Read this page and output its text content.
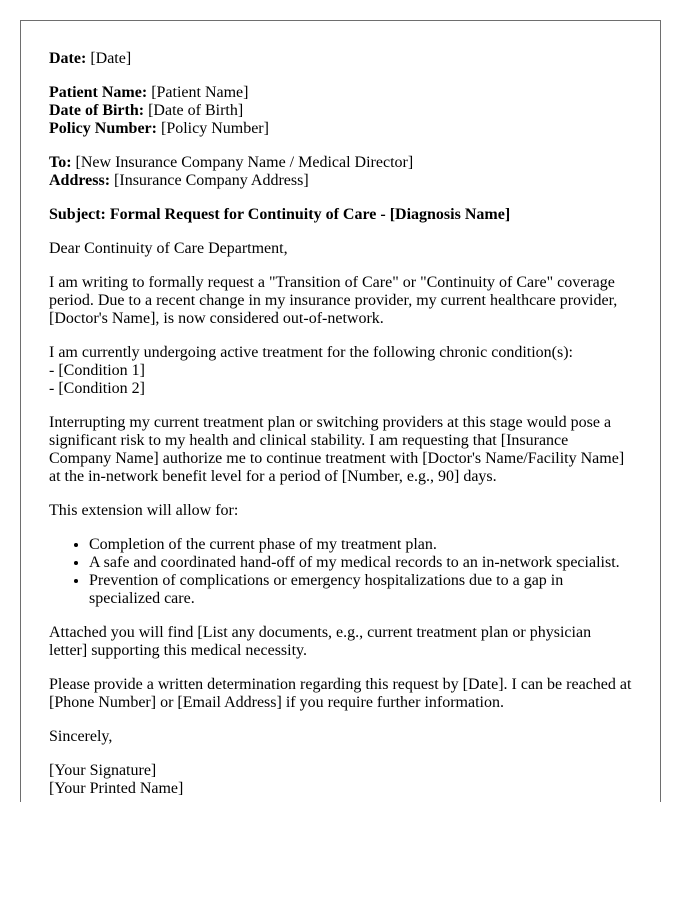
Date: [Date]

Patient Name: [Patient Name]
Date of Birth: [Date of Birth]
Policy Number: [Policy Number]

To: [New Insurance Company Name / Medical Director]
Address: [Insurance Company Address]

Subject: Formal Request for Continuity of Care - [Diagnosis Name]

Dear Continuity of Care Department,

I am writing to formally request a "Transition of Care" or "Continuity of Care" coverage period. Due to a recent change in my insurance provider, my current healthcare provider, [Doctor's Name], is now considered out-of-network.

I am currently undergoing active treatment for the following chronic condition(s):
- [Condition 1]
- [Condition 2]

Interrupting my current treatment plan or switching providers at this stage would pose a significant risk to my health and clinical stability. I am requesting that [Insurance Company Name] authorize me to continue treatment with [Doctor's Name/Facility Name] at the in-network benefit level for a period of [Number, e.g., 90] days.

This extension will allow for:

• Completion of the current phase of my treatment plan.
• A safe and coordinated hand-off of my medical records to an in-network specialist.
• Prevention of complications or emergency hospitalizations due to a gap in specialized care.

Attached you will find [List any documents, e.g., current treatment plan or physician letter] supporting this medical necessity.

Please provide a written determination regarding this request by [Date]. I can be reached at [Phone Number] or [Email Address] if you require further information.

Sincerely,

[Your Signature]
[Your Printed Name]
